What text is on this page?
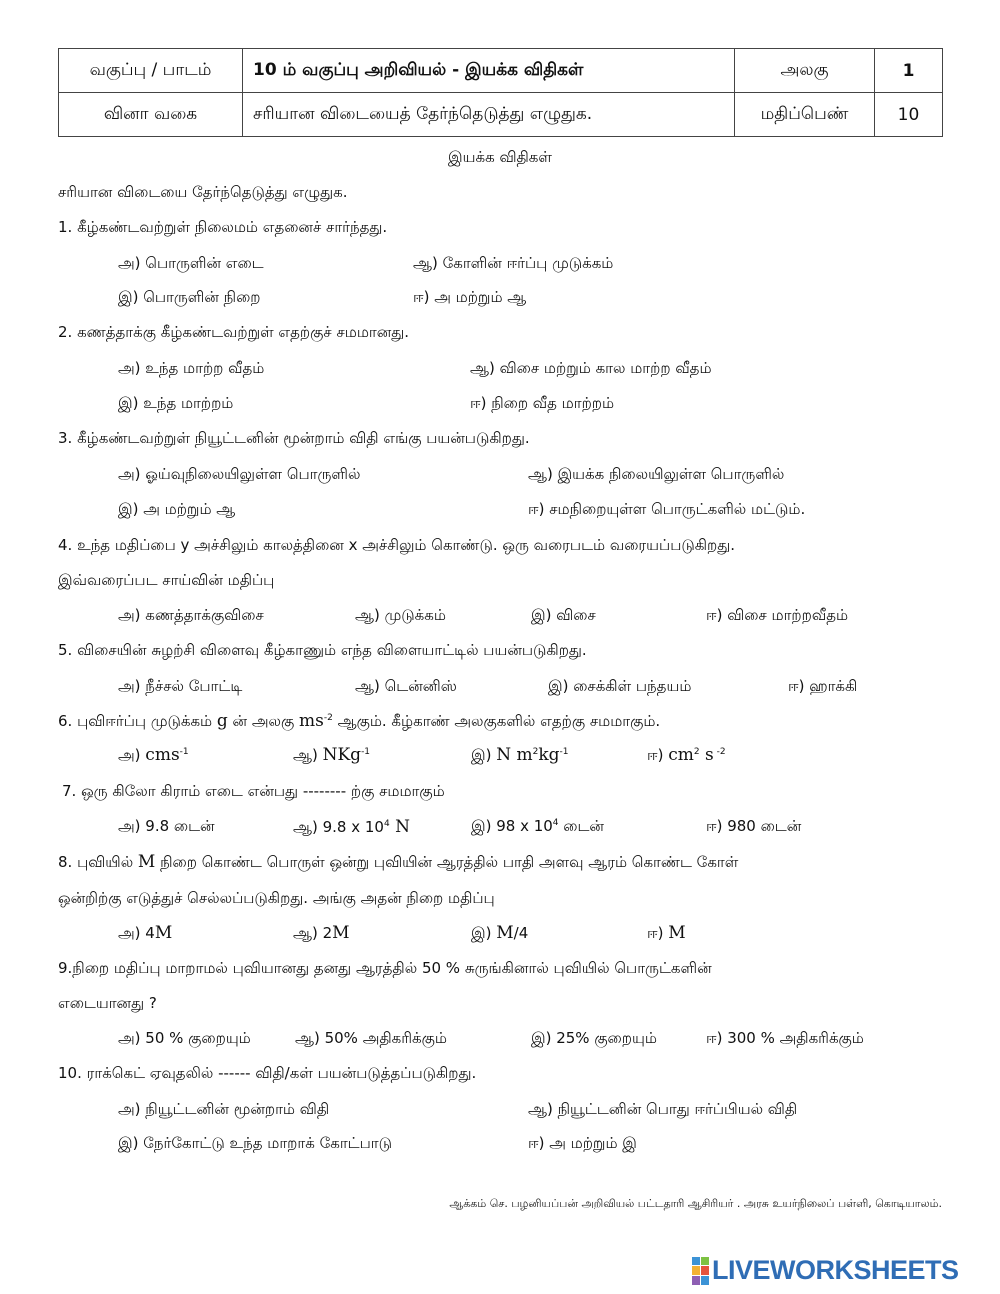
வகுப்பு / பாடம்	10 ம் வகுப்பு அறிவியல் - இயக்க விதிகள்	அலகு	1
வினா வகை	சரியான விடையைத் தேர்ந்தெடுத்து எழுதுக.	மதிப்பெண்	10
இயக்க விதிகள்
சரியான விடையை தேர்ந்தெடுத்து எழுதுக.
1. கீழ்கண்டவற்றுள் நிலைமம் எதனைச் சார்ந்தது.
அ) பொருளின் எடை	ஆ) கோளின் ஈர்ப்பு முடுக்கம்
இ) பொருளின் நிறை	ஈ) அ மற்றும் ஆ
2. கணத்தாக்கு கீழ்கண்டவற்றுள் எதற்குச் சமமானது.
அ) உந்த மாற்ற வீதம்	ஆ) விசை மற்றும் கால மாற்ற வீதம்
இ) உந்த மாற்றம்	ஈ) நிறை வீத மாற்றம்
3. கீழ்கண்டவற்றுள் நியூட்டனின் மூன்றாம் விதி எங்கு பயன்படுகிறது.
அ) ஓய்வுநிலையிலுள்ள பொருளில்	ஆ) இயக்க நிலையிலுள்ள பொருளில்
இ) அ மற்றும் ஆ	ஈ) சமநிறையுள்ள பொருட்களில் மட்டும்.
4. உந்த மதிப்பை y அச்சிலும் காலத்தினை x அச்சிலும் கொண்டு. ஒரு வரைபடம் வரையப்படுகிறது.
இவ்வரைப்பட சாய்வின் மதிப்பு
அ) கணத்தாக்குவிசை	ஆ) முடுக்கம்	இ) விசை	ஈ) விசை மாற்றவீதம்
5. விசையின் சுழற்சி விளைவு கீழ்காணும் எந்த விளையாட்டில் பயன்படுகிறது.
அ) நீச்சல் போட்டி	ஆ) டென்னிஸ்	இ) சைக்கிள் பந்தயம்	ஈ) ஹாக்கி
6. புவிஈர்ப்பு முடுக்கம் g ன் அலகு $ms^{-2}$ ஆகும். கீழ்காண் அலகுகளில் எதற்கு சமமாகும்.
அ) cms$^{-1}$	ஆ) NKg$^{-1}$	இ) N $m^2kg^{-1}$	ஈ) $cm^2$ s $^{-2}$
7. ஒரு கிலோ கிராம் எடை என்பது -------- ற்கு சமமாகும்
அ) 9.8 டைன்	ஆ) 9.8 x $10^4$ N	இ) 98 x $10^4$ டைன்	ஈ) 980 டைன்
8. புவியில் M நிறை கொண்ட பொருள் ஒன்று புவியின் ஆரத்தில் பாதி அளவு ஆரம் கொண்ட கோள்
ஒன்றிற்கு எடுத்துச் செல்லப்படுகிறது. அங்கு அதன் நிறை மதிப்பு
அ) 4M	ஆ) 2M	இ) M/4	ஈ) M
9.நிறை மதிப்பு மாறாமல் புவியானது தனது ஆரத்தில் 50 % சுருங்கினால் புவியில் பொருட்களின்
எடையானது ?
அ) 50 % குறையும்	ஆ) 50% அதிகரிக்கும்	இ) 25% குறையும்	ஈ) 300 % அதிகரிக்கும்
10. ராக்கெட் ஏவுதலில் ------ விதி/கள் பயன்படுத்தப்படுகிறது.
அ) நியூட்டனின் மூன்றாம் விதி	ஆ) நியூட்டனின் பொது ஈர்ப்பியல் விதி
இ) நேர்கோட்டு உந்த மாறாக் கோட்பாடு	ஈ) அ மற்றும் இ
ஆக்கம் செ. பழனியப்பன் அறிவியல் பட்டதாரி ஆசிரியர் . அரசு உயர்நிலைப் பள்ளி, கொடியாலம்.
LIVEWORKSHEETS
